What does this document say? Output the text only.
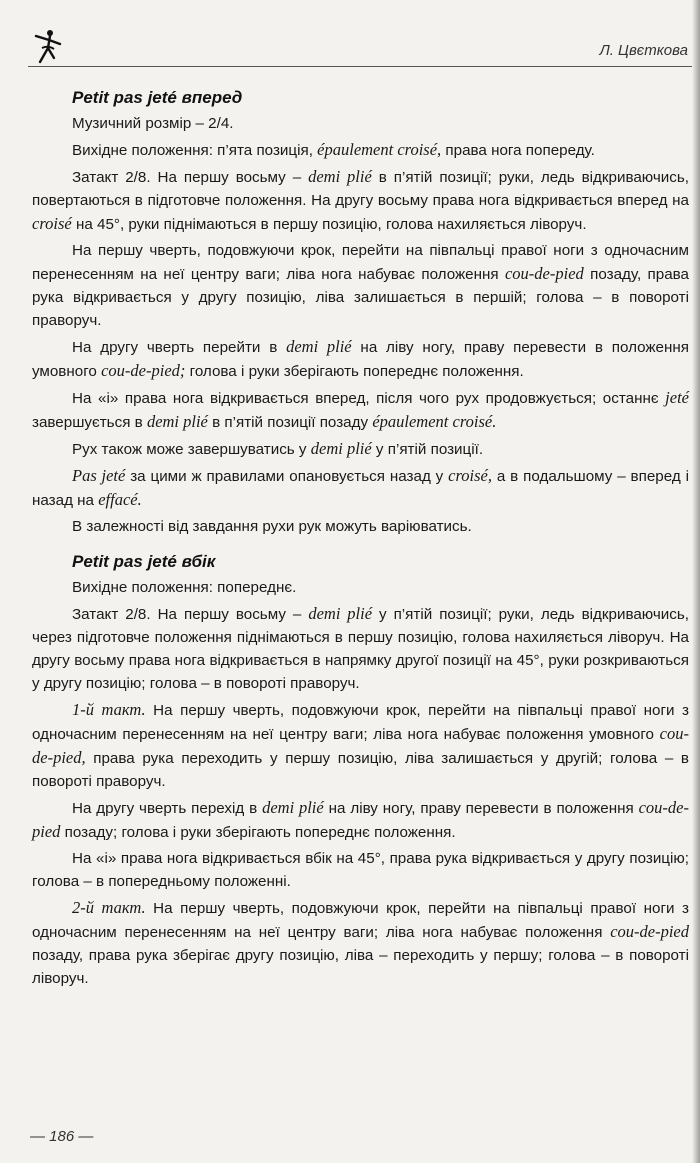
Л. Цвєткова
Petit pas jeté вперед

Музичний розмір – 2/4.

Вихідне положення: п’ята позиція, épaulement croisé, права нога попереду.

Затакт 2/8. На першу восьму – demi plié в п’ятій позиції; руки, ледь відкриваючись, повертаються в підготовче положення. На другу восьму права нога відкривається вперед на croisé на 45°, руки піднімаються в першу позицію, голова нахиляється ліворуч.

На першу чверть, подовжуючи крок, перейти на півпальці правої ноги з одночасним перенесенням на неї центру ваги; ліва нога набуває положення cou-de-pied позаду, права рука відкривається у другу позицію, ліва залишається в першій; голова – в повороті праворуч.

На другу чверть перейти в demi plié на ліву ногу, праву перевести в положення умовного cou-de-pied; голова і руки зберігають попереднє положення.

На «і» права нога відкривається вперед, після чого рух продовжується; останнє jeté завершується в demi plié в п’ятій позиції позаду épaulement croisé.

Рух також може завершуватись у demi plié у п’ятій позиції.

Pas jeté за цими ж правилами опановується назад у croisé, а в подальшому – вперед і назад на effacé.

В залежності від завдання рухи рук можуть варіюватись.

Petit pas jeté вбік

Вихідне положення: попереднє.

Затакт 2/8. На першу восьму – demi plié у п’ятій позиції; руки, ледь відкриваючись, через підготовче положення піднімаються в першу позицію, голова нахиляється ліворуч. На другу восьму права нога відкривається в напрямку другої позиції на 45°, руки розкриваються у другу позицію; голова – в повороті праворуч.

1-й такт. На першу чверть, подовжуючи крок, перейти на півпальці правої ноги з одночасним перенесенням на неї центру ваги; ліва нога набуває положення умовного cou-de-pied, права рука переходить у першу позицію, ліва залишається у другій; голова – в повороті праворуч.

На другу чверть перехід в demi plié на ліву ногу, праву перевести в положення cou-de-pied позаду; голова і руки зберігають попереднє положення.

На «і» права нога відкривається вбік на 45°, права рука відкривається у другу позицію; голова – в попередньому положенні.

2-й такт. На першу чверть, подовжуючи крок, перейти на півпальці правої ноги з одночасним перенесенням на неї центру ваги; ліва нога набуває положення cou-de-pied позаду, права рука зберігає другу позицію, ліва – переходить у першу; голова – в повороті ліворуч.

— 186 —
